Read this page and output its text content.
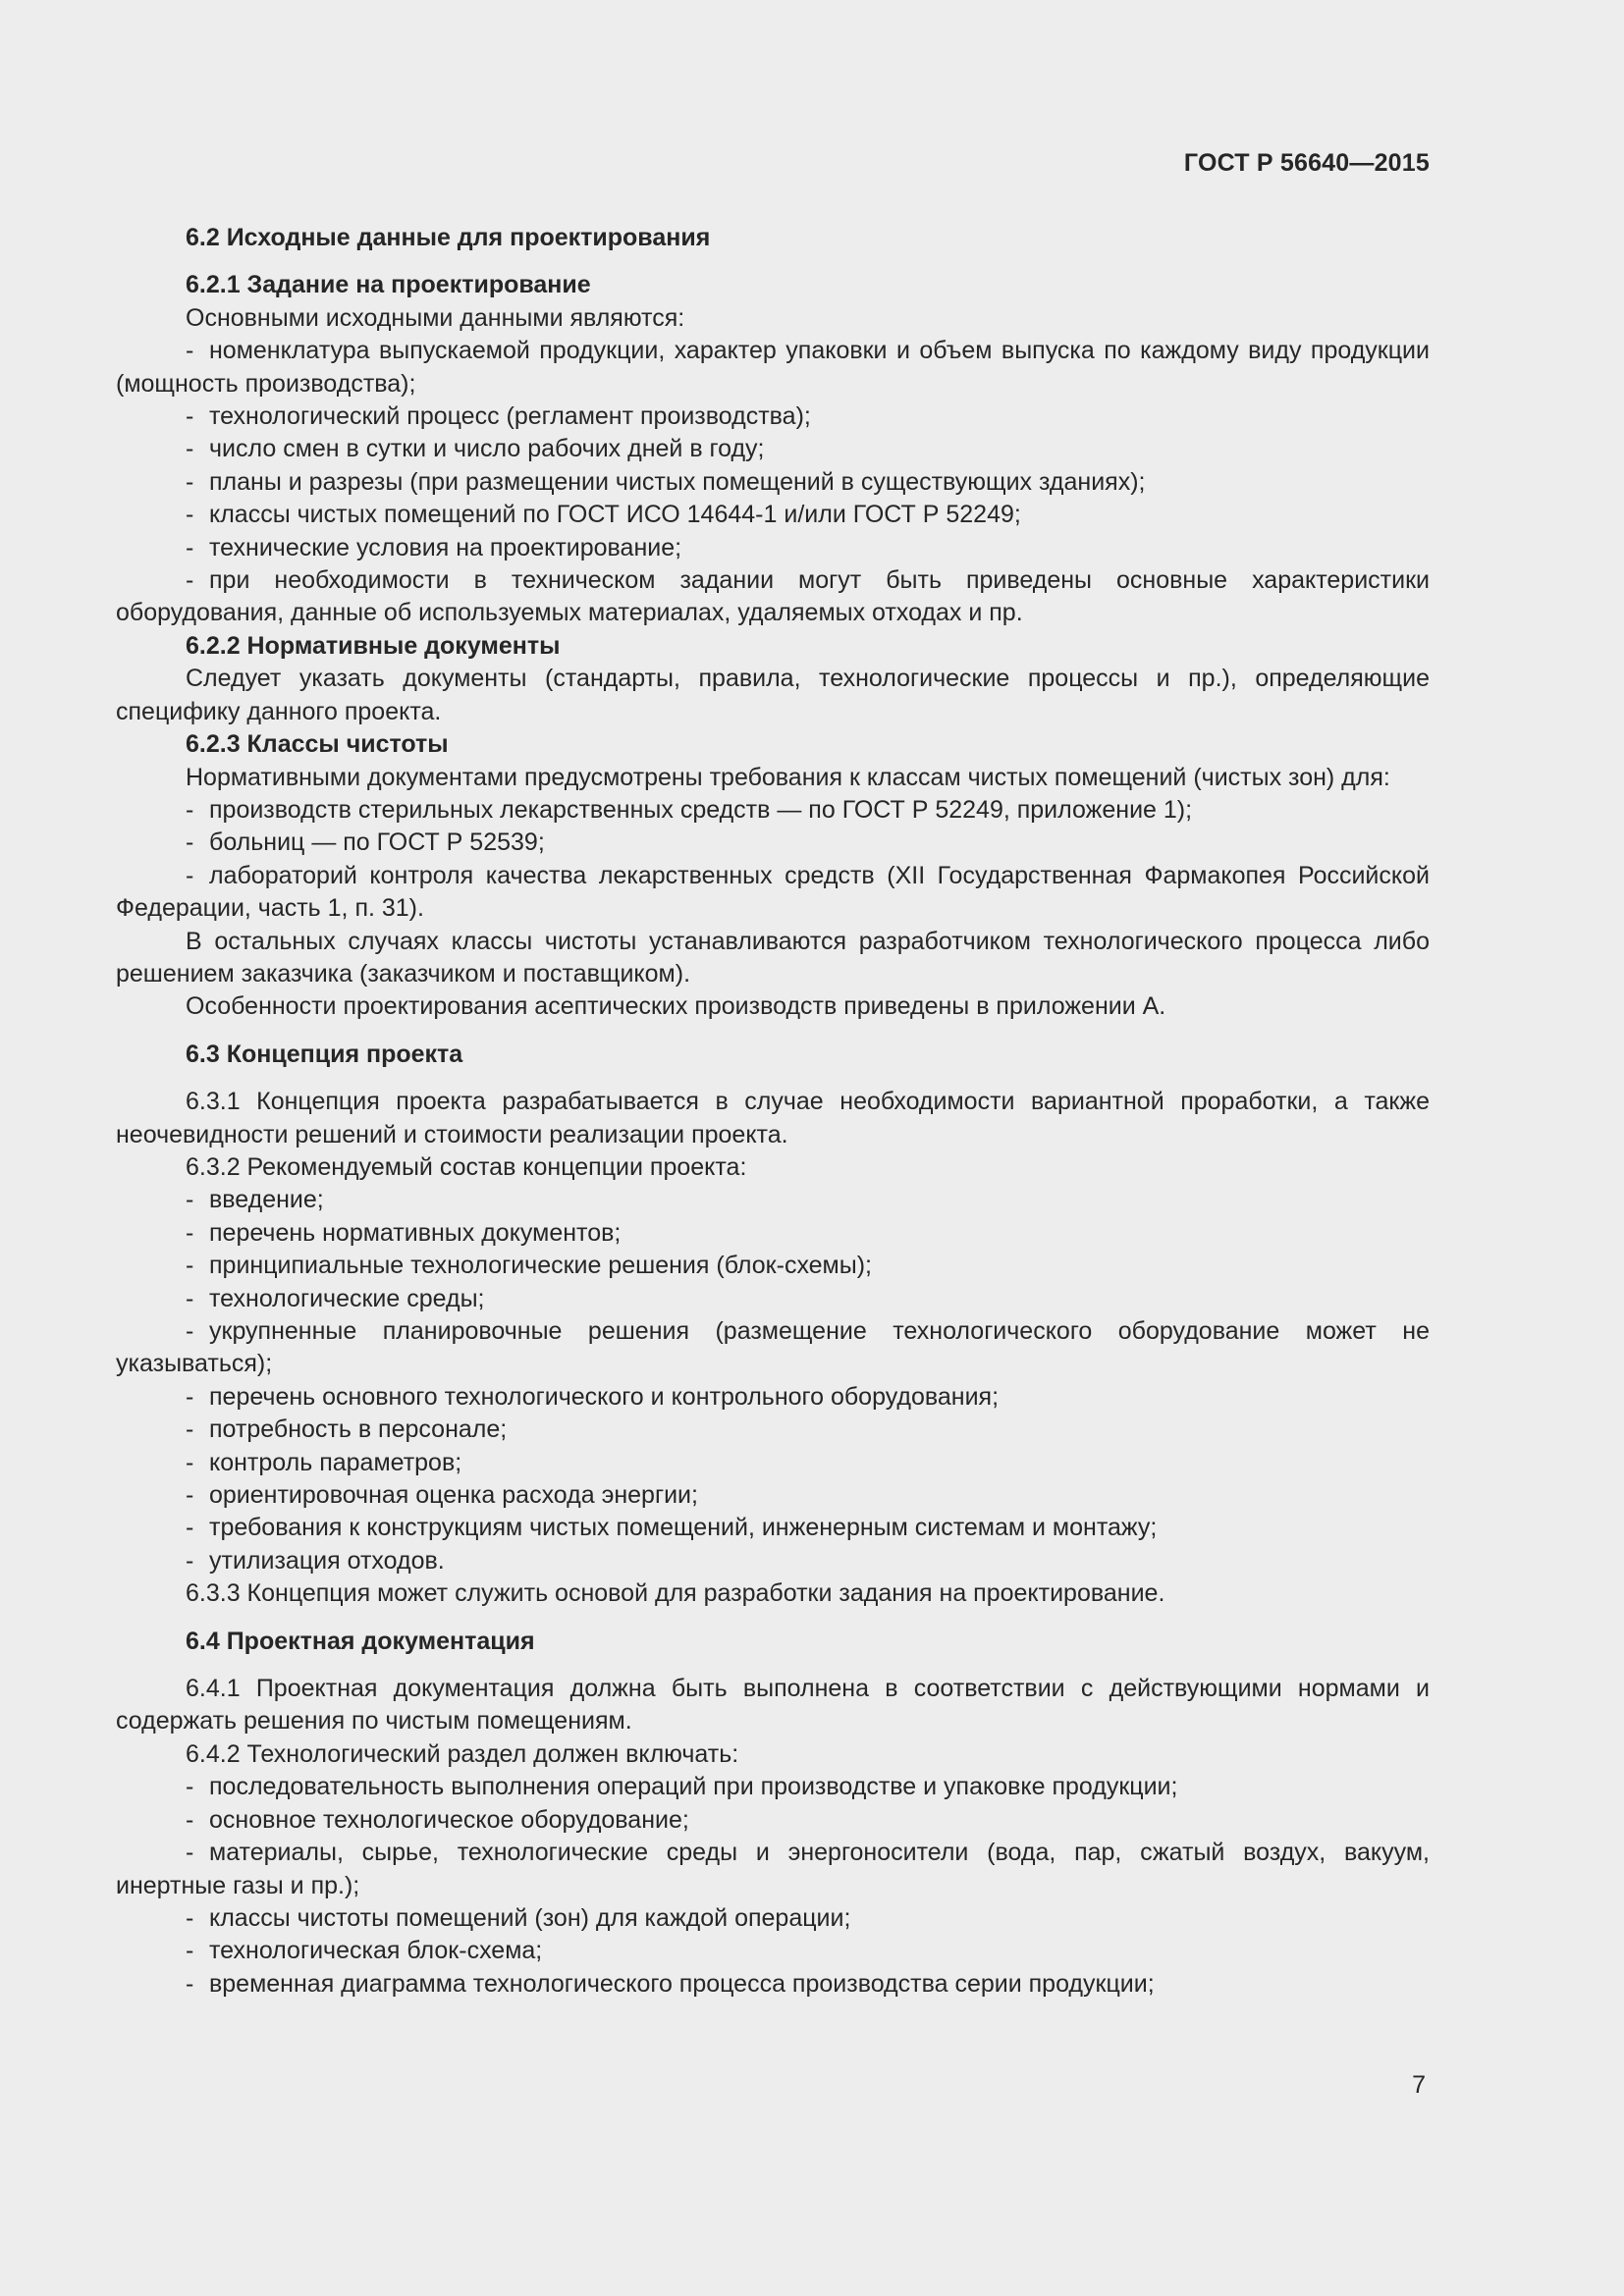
ГОСТ Р 56640—2015
6.2 Исходные данные для проектирования
6.2.1 Задание на проектирование

Основными исходными данными являются:

- номенклатура выпускаемой продукции, характер упаковки и объем выпуска по каждому виду продукции (мощность производства);

- технологический процесс (регламент производства);

- число смен в сутки и число рабочих дней в году;

- планы и разрезы (при размещении чистых помещений в существующих зданиях);

- классы чистых помещений по ГОСТ ИСО 14644-1 и/или ГОСТ Р 52249;

- технические условия на проектирование;

- при необходимости в техническом задании могут быть приведены основные характеристики оборудования, данные об используемых материалах, удаляемых отходах и пр.

6.2.2 Нормативные документы

Следует указать документы (стандарты, правила, технологические процессы и пр.), определяющие специфику данного проекта.

6.2.3 Классы чистоты

Нормативными документами предусмотрены требования к классам чистых помещений (чистых зон) для:

- производств стерильных лекарственных средств — по ГОСТ Р 52249, приложение 1);

- больниц — по ГОСТ Р 52539;

- лабораторий контроля качества лекарственных средств (XII Государственная Фармакопея Российской Федерации, часть 1, п. 31).

В остальных случаях классы чистоты устанавливаются разработчиком технологического процесса либо решением заказчика (заказчиком и поставщиком).

Особенности проектирования асептических производств приведены в приложении А.

6.3 Концепция проекта

6.3.1 Концепция проекта разрабатывается в случае необходимости вариантной проработки, а также неочевидности решений и стоимости реализации проекта.

6.3.2 Рекомендуемый состав концепции проекта:

- введение;

- перечень нормативных документов;

- принципиальные технологические решения (блок-схемы);

- технологические среды;

- укрупненные планировочные решения (размещение технологического оборудование может не указываться);

- перечень основного технологического и контрольного оборудования;

- потребность в персонале;

- контроль параметров;

- ориентировочная оценка расхода энергии;

- требования к конструкциям чистых помещений, инженерным системам и монтажу;

- утилизация отходов.

6.3.3 Концепция может служить основой для разработки задания на проектирование.

6.4 Проектная документация

6.4.1 Проектная документация должна быть выполнена в соответствии с действующими нормами и содержать решения по чистым помещениям.

6.4.2 Технологический раздел должен включать:

- последовательность выполнения операций при производстве и упаковке продукции;

- основное технологическое оборудование;

- материалы, сырье, технологические среды и энергоносители (вода, пар, сжатый воздух, вакуум, инертные газы и пр.);

- классы чистоты помещений (зон) для каждой операции;

- технологическая блок-схема;

- временная диаграмма технологического процесса производства серии продукции;

7
